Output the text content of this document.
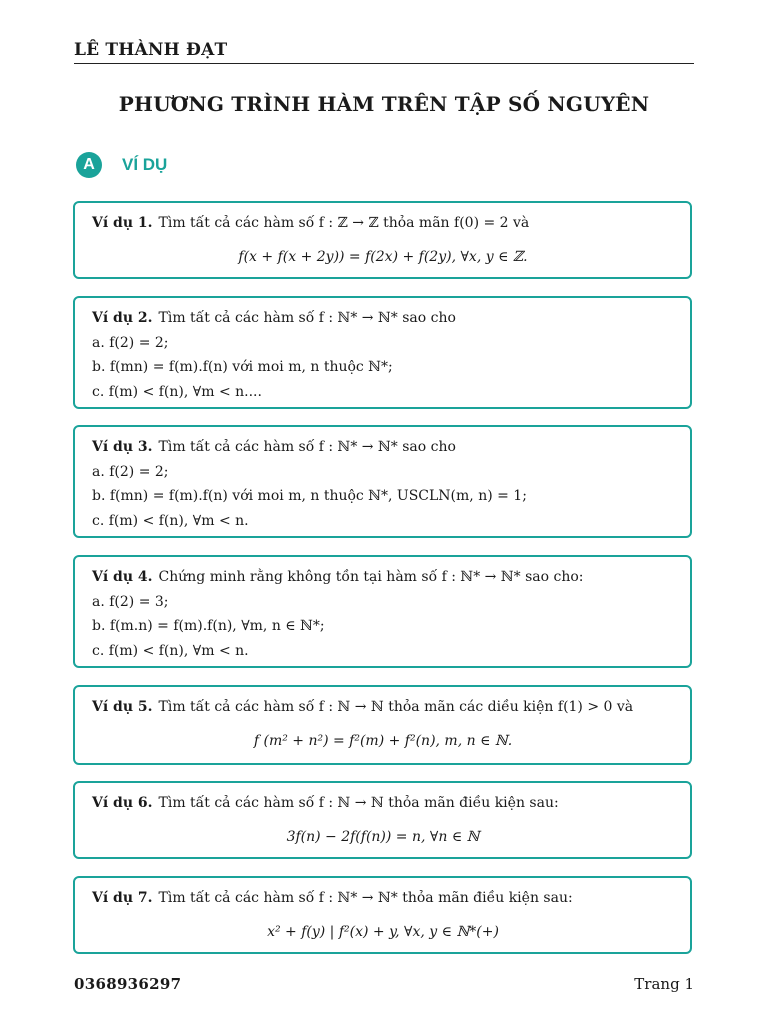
LÊ THÀNH ĐẠT
PHƯƠNG TRÌNH HÀM TRÊN TẬP SỐ NGUYÊN
A	VÍ DỤ
Ví dụ 1. Tìm tất cả các hàm số f : ℤ → ℤ thỏa mãn f(0) = 2 và
f(x + f(x + 2y)) = f(2x) + f(2y), ∀x, y ∈ ℤ.
Ví dụ 2. Tìm tất cả các hàm số f : ℕ* → ℕ* sao cho
a. f(2) = 2;
b. f(mn) = f(m).f(n) với moi m, n thuộc ℕ*;
c. f(m) < f(n), ∀m < n....
Ví dụ 3. Tìm tất cả các hàm số f : ℕ* → ℕ* sao cho
a. f(2) = 2;
b. f(mn) = f(m).f(n) với moi m, n thuộc ℕ*, USCLN(m, n) = 1;
c. f(m) < f(n), ∀m < n.
Ví dụ 4. Chứng minh rằng không tồn tại hàm số f : ℕ* → ℕ* sao cho:
a. f(2) = 3;
b. f(m.n) = f(m).f(n), ∀m, n ∈ ℕ*;
c. f(m) < f(n), ∀m < n.
Ví dụ 5. Tìm tất cả các hàm số f : ℕ → ℕ thỏa mãn các diều kiện f(1) > 0 và
f (m² + n²) = f²(m) + f²(n), m, n ∈ ℕ.
Ví dụ 6. Tìm tất cả các hàm số f : ℕ → ℕ thỏa mãn điều kiện sau:
3f(n) − 2f(f(n)) = n, ∀n ∈ ℕ
Ví dụ 7. Tìm tất cả các hàm số f : ℕ* → ℕ* thỏa mãn điều kiện sau:
x² + f(y) | f²(x) + y, ∀x, y ∈ ℕ*(+)
0368936297	Trang 1
